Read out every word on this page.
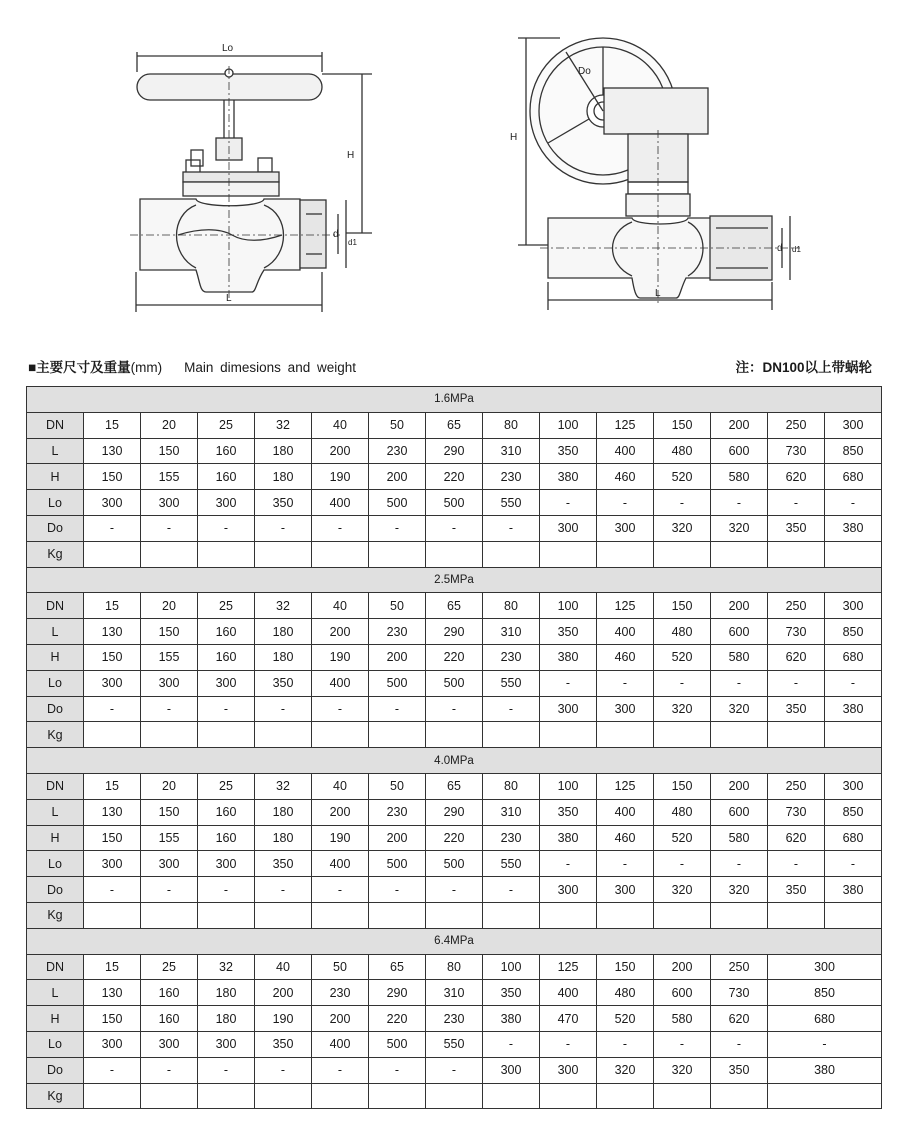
Lo
H
L
d
d1
Do
H
L
d d1
■主要尺寸及重量(mm) Main dimesions and weight	注：DN100以上带蜗轮
1.6MPa														
DN	15	20	25	32	40	50	65	80	100	125	150	200	250	300
L	130	150	160	180	200	230	290	310	350	400	480	600	730	850
H	150	155	160	180	190	200	220	230	380	460	520	580	620	680
Lo	300	300	300	350	400	500	500	550	-	-	-	-	-	-
Do	-	-	-	-	-	-	-	-	300	300	320	320	350	380
Kg														
2.5MPa														
DN	15	20	25	32	40	50	65	80	100	125	150	200	250	300
L	130	150	160	180	200	230	290	310	350	400	480	600	730	850
H	150	155	160	180	190	200	220	230	380	460	520	580	620	680
Lo	300	300	300	350	400	500	500	550	-	-	-	-	-	-
Do	-	-	-	-	-	-	-	-	300	300	320	320	350	380
Kg														
4.0MPa														
DN	15	20	25	32	40	50	65	80	100	125	150	200	250	300
L	130	150	160	180	200	230	290	310	350	400	480	600	730	850
H	150	155	160	180	190	200	220	230	380	460	520	580	620	680
Lo	300	300	300	350	400	500	500	550	-	-	-	-	-	-
Do	-	-	-	-	-	-	-	-	300	300	320	320	350	380
Kg														
6.4MPa														
DN	15	25	32	40	50	65	80	100	125	150	200	250	300	
L	130	160	180	200	230	290	310	350	400	480	600	730	850	
H	150	160	180	190	200	220	230	380	470	520	580	620	680	
Lo	300	300	300	350	400	500	550	-	-	-	-	-	-	
Do	-	-	-	-	-	-	-	300	300	320	320	350	380	
Kg														
